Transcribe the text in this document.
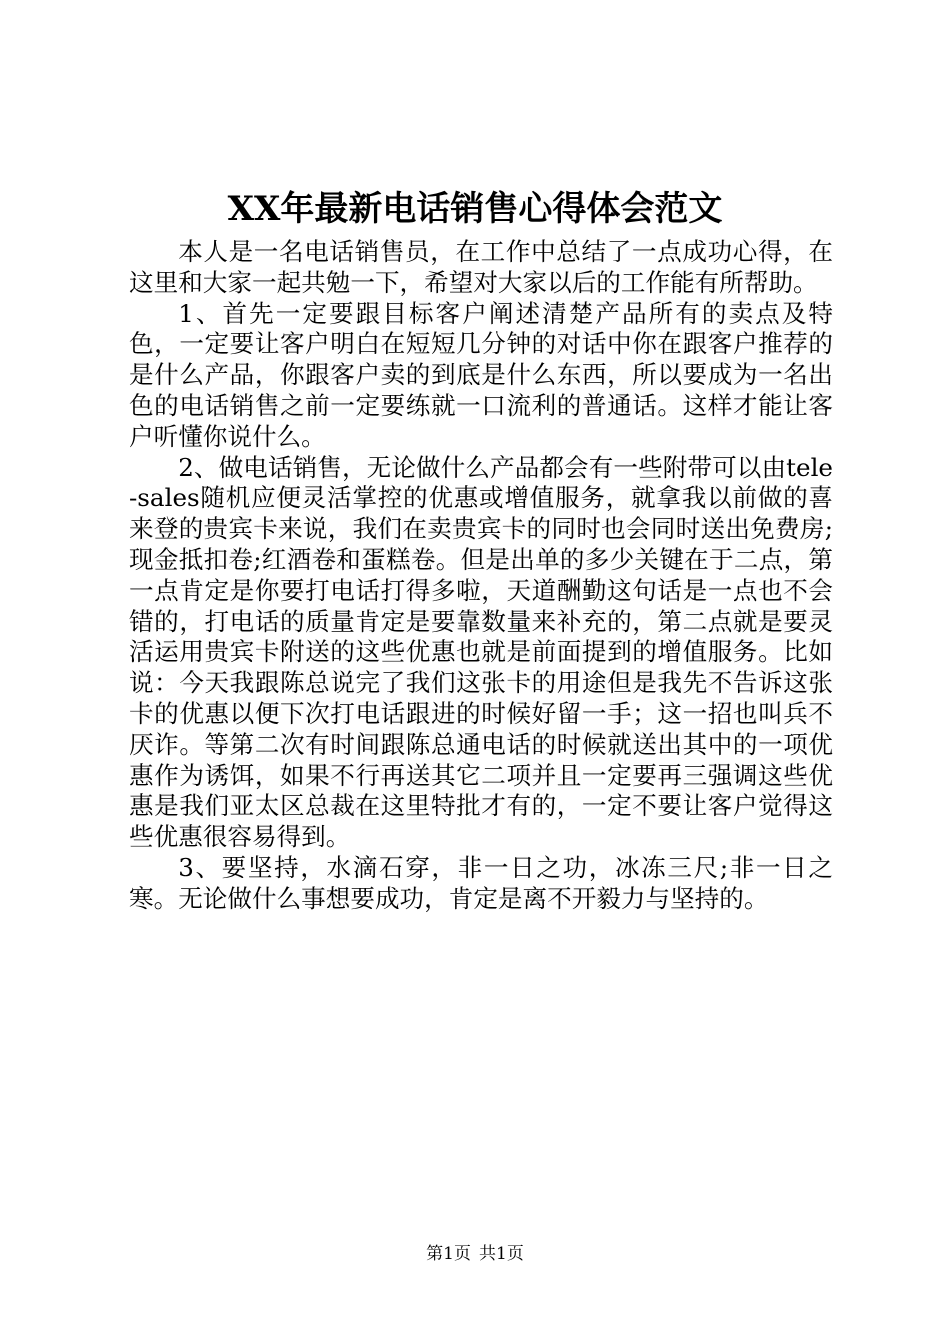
XX年最新电话销售心得体会范文

本人是一名电话销售员，在工作中总结了一点成功心得，在这里和大家一起共勉一下，希望对大家以后的工作能有所帮助。

1、首先一定要跟目标客户阐述清楚产品所有的卖点及特色，一定要让客户明白在短短几分钟的对话中你在跟客户推荐的是什么产品，你跟客户卖的到底是什么东西，所以要成为一名出色的电话销售之前一定要练就一口流利的普通话。这样才能让客户听懂你说什么。

2、做电话销售，无论做什么产品都会有一些附带可以由tele-sales随机应便灵活掌控的优惠或增值服务，就拿我以前做的喜来登的贵宾卡来说，我们在卖贵宾卡的同时也会同时送出免费房;现金抵扣卷;红酒卷和蛋糕卷。但是出单的多少关键在于二点，第一点肯定是你要打电话打得多啦，天道酬勤这句话是一点也不会错的，打电话的质量肯定是要靠数量来补充的，第二点就是要灵活运用贵宾卡附送的这些优惠也就是前面提到的增值服务。比如说：今天我跟陈总说完了我们这张卡的用途但是我先不告诉这张卡的优惠以便下次打电话跟进的时候好留一手；这一招也叫兵不厌诈。等第二次有时间跟陈总通电话的时候就送出其中的一项优惠作为诱饵，如果不行再送其它二项并且一定要再三强调这些优惠是我们亚太区总裁在这里特批才有的，一定不要让客户觉得这些优惠很容易得到。

3、要坚持，水滴石穿，非一日之功，冰冻三尺;非一日之寒。无论做什么事想要成功，肯定是离不开毅力与坚持的。

第1页 共1页
